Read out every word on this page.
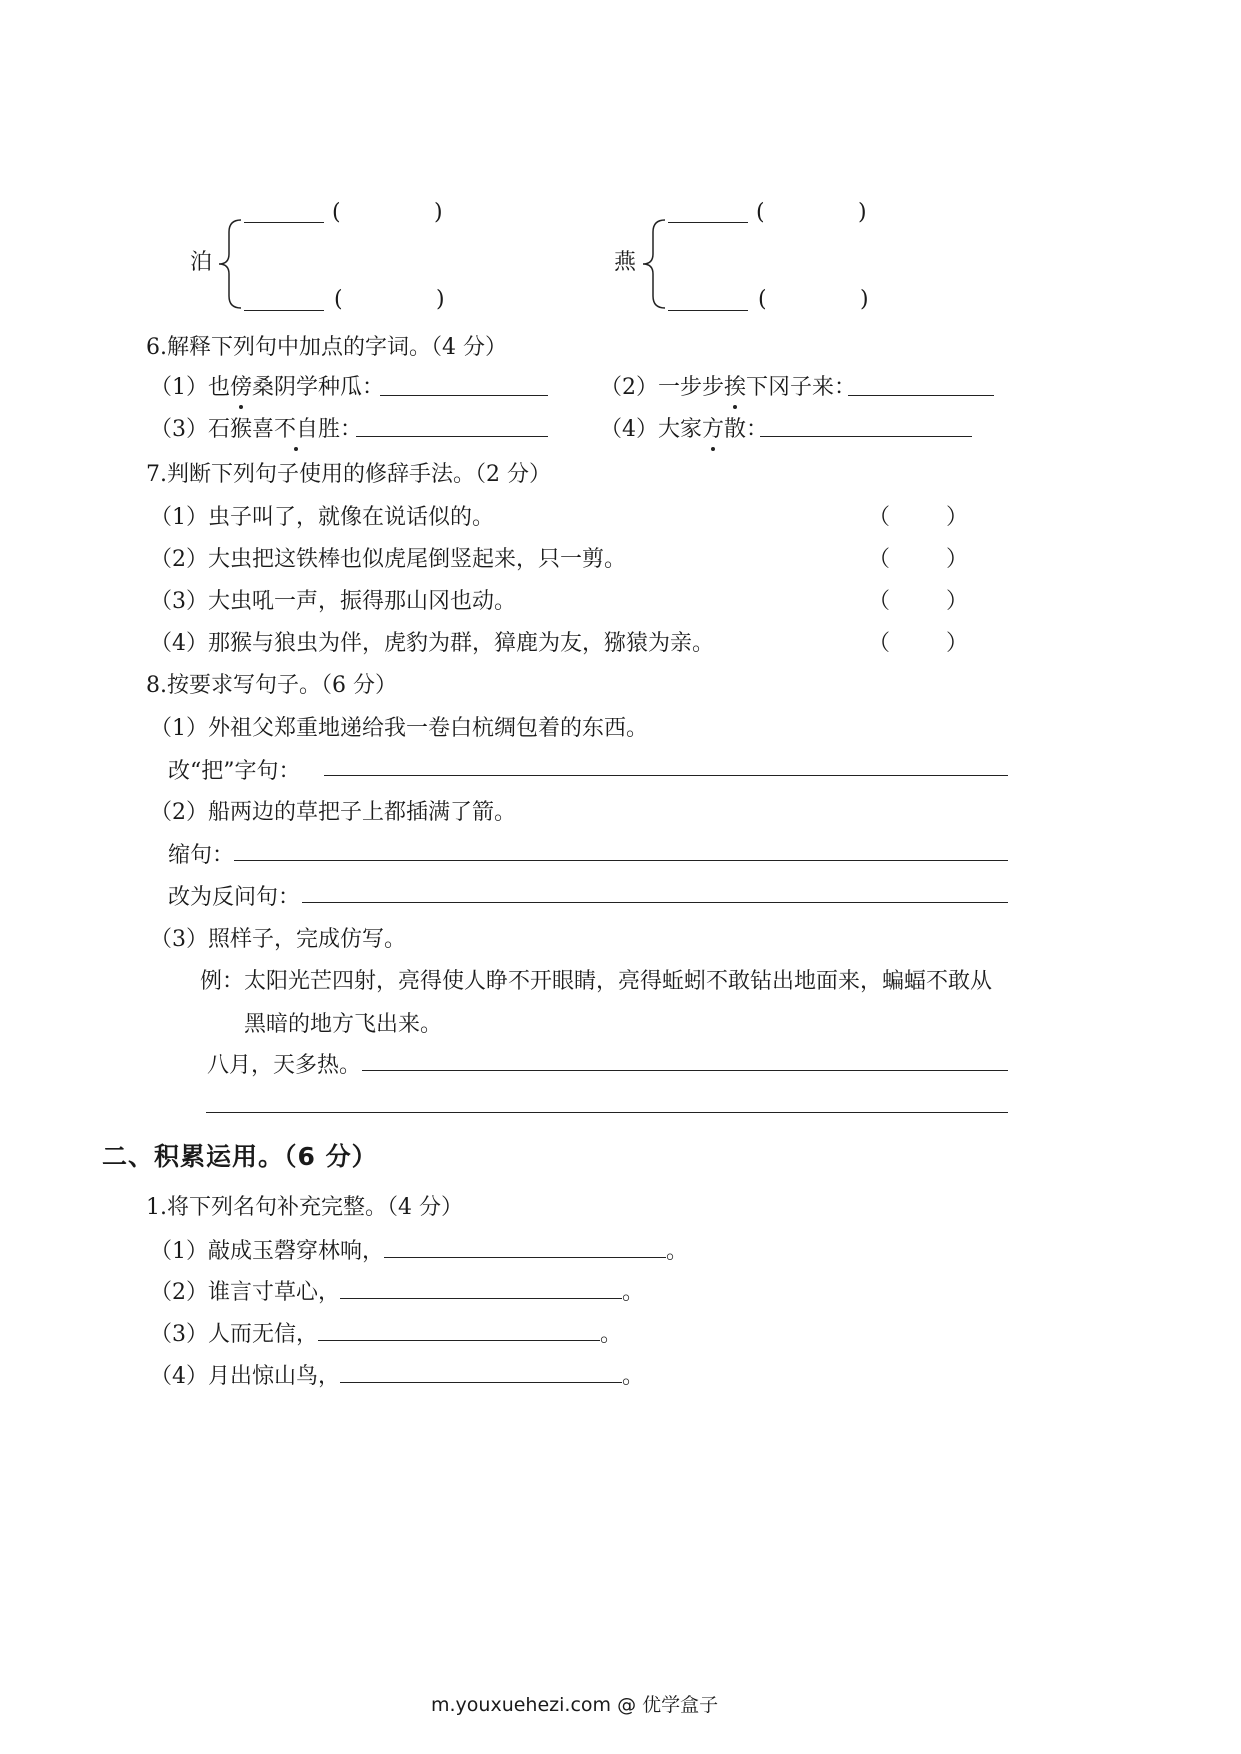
泊
(	)
(	)
燕
(	)
(	)
6.解释下列句中加点的字词。（4 分）
（1）也傍桑阴学种瓜：	（2）一步步挨下冈子来：
（3）石猴喜不自胜：	（4）大家方散：
7.判断下列句子使用的修辞手法。（2 分）
（1）虫子叫了，就像在说话似的。	（	）
（2）大虫把这铁棒也似虎尾倒竖起来，只一剪。	（	）
（3）大虫吼一声，振得那山冈也动。	（	）
（4）那猴与狼虫为伴，虎豹为群，獐鹿为友，猕猿为亲。	（	）
8.按要求写句子。（6 分）
（1）外祖父郑重地递给我一卷白杭绸包着的东西。
改“把”字句：
（2）船两边的草把子上都插满了箭。
缩句：
改为反问句：
（3）照样子，完成仿写。
例： 太阳光芒四射，亮得使人睁不开眼睛，亮得蚯蚓不敢钻出地面来，蝙蝠不敢从
黑暗的地方飞出来。
八月，天多热。
二、积累运用。（6 分）
1.将下列名句补充完整。（4 分）
（1）敲成玉磬穿林响，	。
（2）谁言寸草心，	。
（3）人而无信，	。
（4）月出惊山鸟，	。
m.youxuehezi.com @ 优学盒子
